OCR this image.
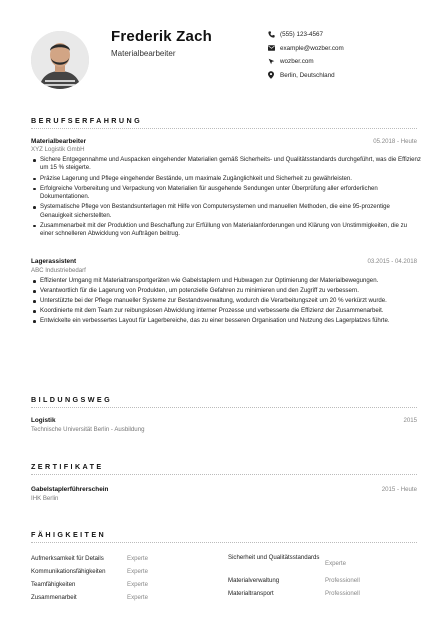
Frederik Zach
Materialbearbeiter
(555) 123-4567
example@wozber.com
wozber.com
Berlin, Deutschland
BERUFSERFAHRUNG
Materialbearbeiter	05.2018 - Heute
XYZ Logistik GmbH
Sichere Entgegennahme und Auspacken eingehender Materialien gemäß Sicherheits- und Qualitätsstandards durchgeführt, was die Effizienz um 15 % steigerte.
Präzise Lagerung und Pflege eingehender Bestände, um maximale Zugänglichkeit und Sicherheit zu gewährleisten.
Erfolgreiche Vorbereitung und Verpackung von Materialien für ausgehende Sendungen unter Überprüfung aller erforderlichen Dokumentationen.
Systematische Pflege von Bestandsunterlagen mit Hilfe von Computersystemen und manuellen Methoden, die eine 95-prozentige Genauigkeit sicherstellten.
Zusammenarbeit mit der Produktion und Beschaffung zur Erfüllung von Materialanforderungen und Klärung von Unstimmigkeiten, die zu einer schnelleren Abwicklung von Aufträgen beitrug.
Lagerassistent	03.2015 - 04.2018
ABC Industriebedarf
Effizienter Umgang mit Materialtransportgeräten wie Gabelstaplern und Hubwagen zur Optimierung der Materialbewegungen.
Verantwortlich für die Lagerung von Produkten, um potenzielle Gefahren zu minimieren und den Zugriff zu verbessern.
Unterstützte bei der Pflege manueller Systeme zur Bestandsverwaltung, wodurch die Verarbeitungszeit um 20 % verkürzt wurde.
Koordinierte mit dem Team zur reibungslosen Abwicklung interner Prozesse und verbesserte die Effizienz der Zusammenarbeit.
Entwickelte ein verbessertes Layout für Lagerbereiche, das zu einer besseren Organisation und Nutzung des Lagerplatzes führte.
BILDUNGSWEG
Logistik	2015
Technische Universität Berlin - Ausbildung
ZERTIFIKATE
Gabelstaplerführerschein	2015 - Heute
IHK Berlin
FÄHIGKEITEN
Aufmerksamkeit für Details	Experte
Kommunikationsfähigkeiten	Experte
Teamfähigkeiten	Experte
Zusammenarbeit	Experte
Sicherheit und Qualitätsstandards
Experte
Materialverwaltung	Professionell
Materialtransport	Professionell
